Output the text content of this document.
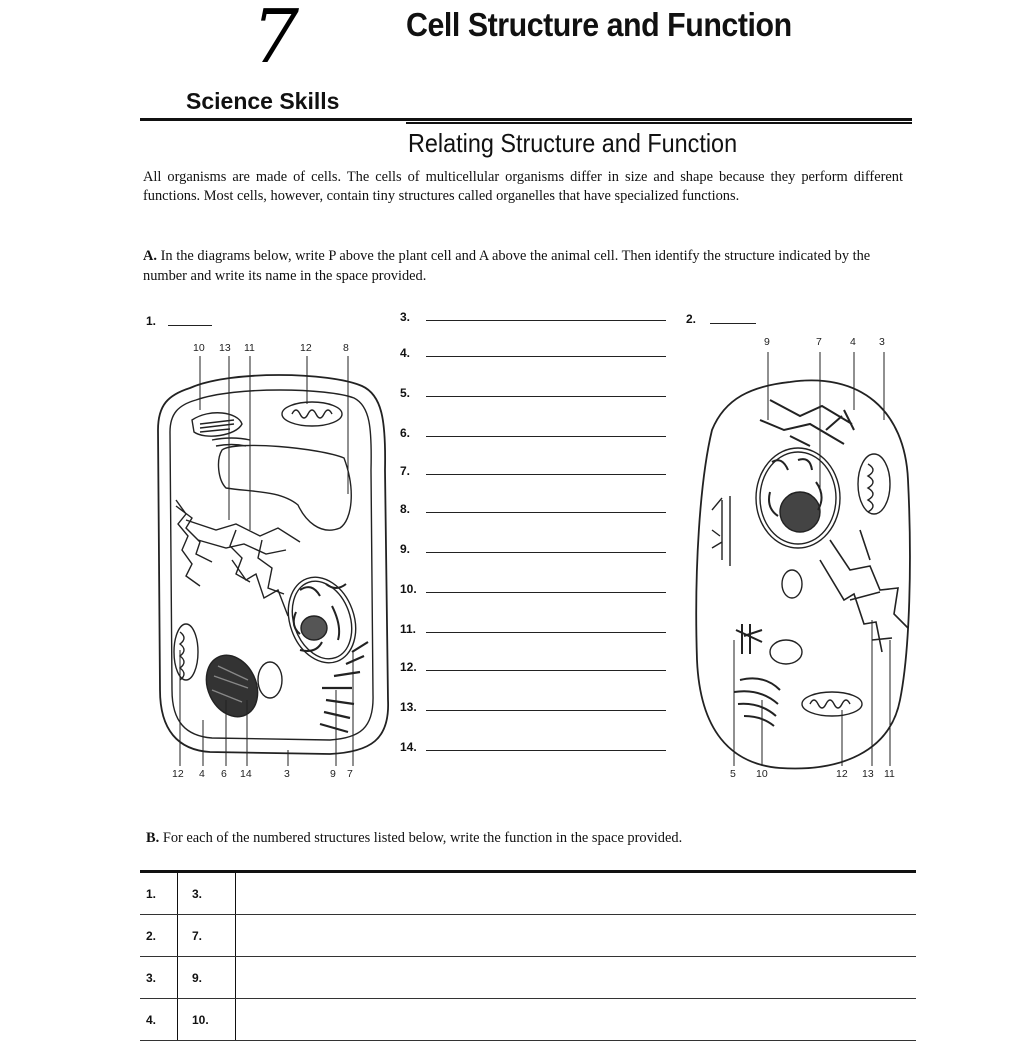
7	Cell Structure and Function
Science Skills
Relating Structure and Function
All organisms are made of cells. The cells of multicellular organisms differ in size and shape because they perform different functions. Most cells, however, contain tiny structures called organelles that have specialized functions.
A. In the diagrams below, write P above the plant cell and A above the animal cell. Then identify the structure indicated by the number and write its name in the space provided.
1.	2.
3.
4.
5.
6.
7.
8.
9.
10.
11.
12.
13.
14.
10 13 11	12	8
12 4 6 14	3	9 7
9	7	4 3
5 10	12 13 11
B. For each of the numbered structures listed below, write the function in the space provided.
1.	3.	
2.	7.	
3.	9.	
4.	10.	
